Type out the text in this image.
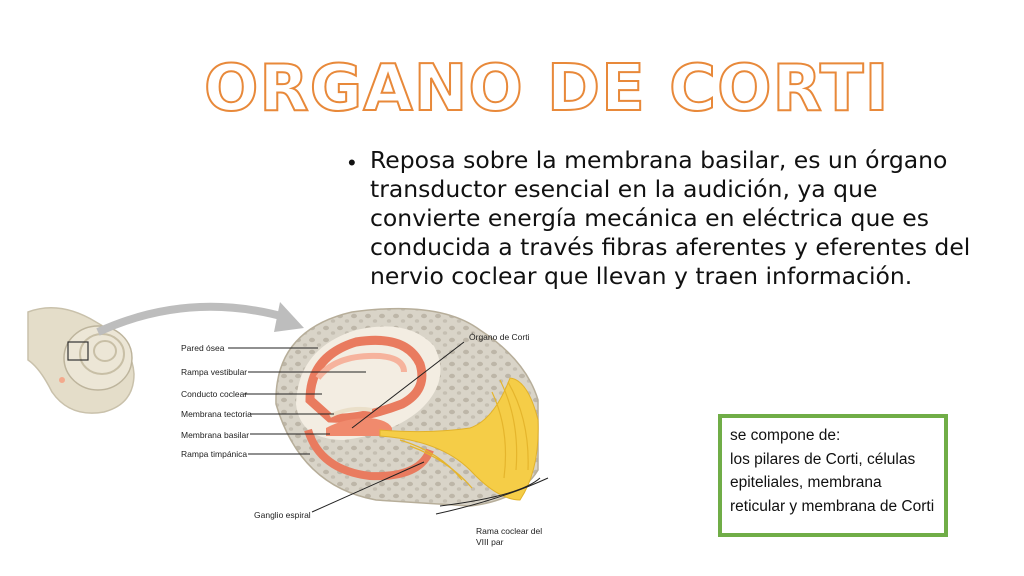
ORGANO DE CORTI
• Reposa sobre la membrana basilar, es un órgano transductor esencial en la audición, ya que convierte energía mecánica en eléctrica que es conducida a través fibras aferentes y eferentes del nervio coclear que llevan y traen información.

Pared ósea
Rampa vestibular
Conducto coclear
Membrana tectoria
Membrana basilar
Rampa timpánica
Órgano de Corti
Ganglio espiral
Rama coclear del
VIII par

se compone de:

los pilares de Corti, células epiteliales, membrana reticular y membrana de Corti
